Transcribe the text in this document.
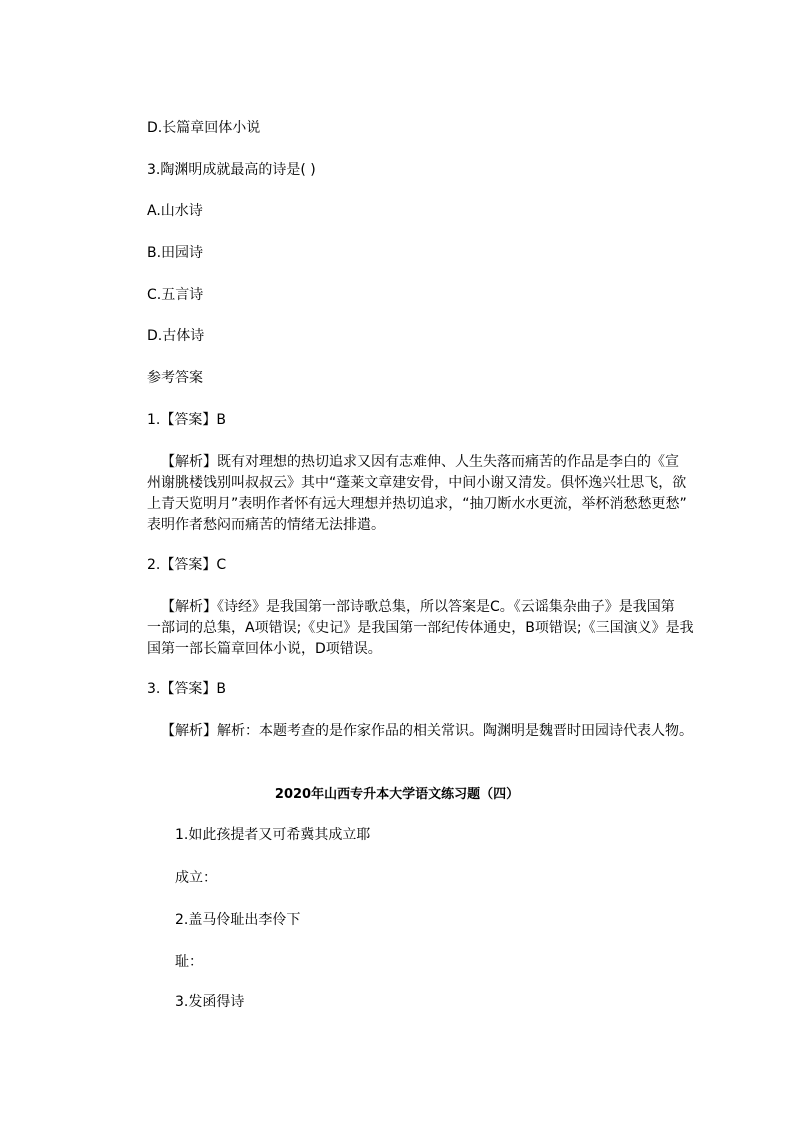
D.长篇章回体小说
3.陶渊明成就最高的诗是( )
A.山水诗
B.田园诗
C.五言诗
D.古体诗
参考答案
1.【答案】B
【解析】既有对理想的热切追求又因有志难伸、人生失落而痛苦的作品是李白的《宣
州谢朓楼饯别叫叔叔云》其中“蓬莱文章建安骨，中间小谢又清发。俱怀逸兴壮思飞，欲
上青天览明月”表明作者怀有远大理想并热切追求，“抽刀断水水更流，举杯消愁愁更愁”
表明作者愁闷而痛苦的情绪无法排遣。
2.【答案】C
【解析】《诗经》是我国第一部诗歌总集，所以答案是C。《云谣集杂曲子》是我国第
一部词的总集，A项错误;《史记》是我国第一部纪传体通史，B项错误;《三国演义》是我
国第一部长篇章回体小说，D项错误。
3.【答案】B
【解析】解析：本题考查的是作家作品的相关常识。陶渊明是魏晋时田园诗代表人物。
2020年山西专升本大学语文练习题（四）
1.如此孩提者又可希冀其成立耶
成立：
2.盖马伶耻出李伶下
耻：
3.发函得诗
